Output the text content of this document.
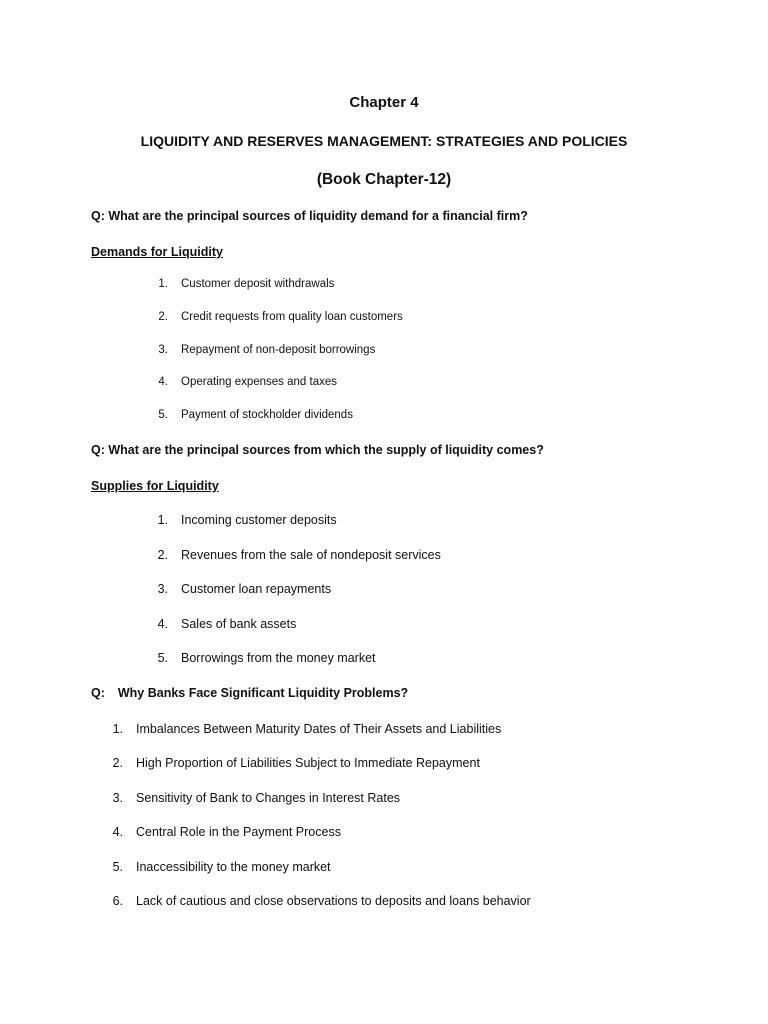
Chapter 4
LIQUIDITY AND RESERVES MANAGEMENT: STRATEGIES AND POLICIES
(Book Chapter-12)
Q: What are the principal sources of liquidity demand for a financial firm?
Demands for Liquidity
1. Customer deposit withdrawals
2. Credit requests from quality loan customers
3. Repayment of non-deposit borrowings
4. Operating expenses and taxes
5. Payment of stockholder dividends
Q: What are the principal sources from which the supply of liquidity comes?
Supplies for Liquidity
1. Incoming customer deposits
2. Revenues from the sale of nondeposit services
3. Customer loan repayments
4. Sales of bank assets
5. Borrowings from the money market
Q: Why Banks Face Significant Liquidity Problems?
1. Imbalances Between Maturity Dates of Their Assets and Liabilities
2. High Proportion of Liabilities Subject to Immediate Repayment
3. Sensitivity of Bank to Changes in Interest Rates
4. Central Role in the Payment Process
5. Inaccessibility to the money market
6. Lack of cautious and close observations to deposits and loans behavior
